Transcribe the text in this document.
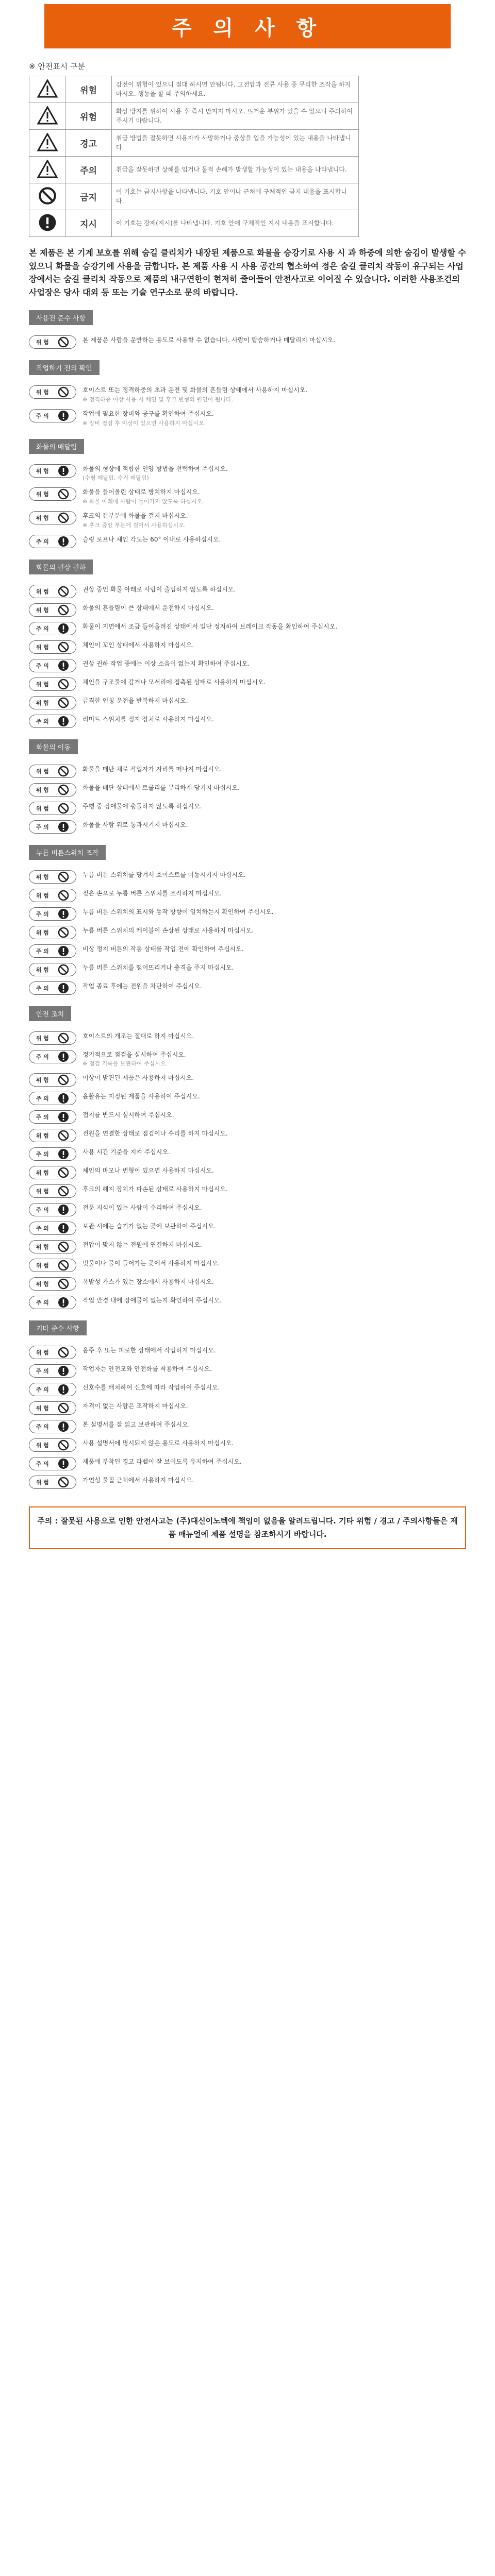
주 의 사 항
※ 안전표시 구분
	위험	감전이 위험이 있으니 절대 하시면 안됩니다. 고전압과 전류 사용 중 무리한 조작을 하지 마시오. 행동을 할 때 주의하세요.
	위험	화상 방지를 위하여 사용 후 즉시 만지지 마시오. 뜨거운 부위가 있을 수 있으니 주의하여 주시기 바랍니다.
	경고	취급 방법을 잘못하면 사용자가 사망하거나 중상을 입을 가능성이 있는 내용을 나타냅니다.
	주의	취급을 잘못하면 상해를 입거나 물적 손해가 발생할 가능성이 있는 내용을 나타냅니다.
	금지	이 기호는 금지사항을 나타냅니다. 기호 안이나 근처에 구체적인 금지 내용을 표시합니다.
	지시	이 기호는 강제(지시)를 나타냅니다. 기호 안에 구체적인 지시 내용을 표시합니다.
본 제품은 본 기계 보호를 위해 숨길 클리치가 내장된 제품으로 화물을 승강기로 사용 시 과 하중에 의한 숨김이 발생할 수 있으니 화물을 승강기에 사용을 금합니다. 본 제품 사용 시 사용 공간의 협소하여 정은 숨길 클리치 작동이 유구되는 사업장에서는 숨길 클리치 작동으로 제품의 내구연한이 현저히 줄어들어 안전사고로 이어질 수 있습니다. 이러한 사용조건의 사업장은 당사 대외 등 또는 기술 연구소로 문의 바랍니다.
사용전 준수 사항
위 험	본 제품은 사람을 운반하는 용도로 사용할 수 없습니다. 사람이 탑승하거나 매달리지 마십시오.
작업하기 전의 확인
위 험	호이스트 또는 정격하중의 초과 운전 및 화물의 흔들림 상태에서 사용하지 마십시오.
※ 정격하중 이상 사용 시 체인 및 후크 변형의 원인이 됩니다.
주 의	작업에 필요한 장비와 공구를 확인하여 주십시오.
※ 장비 점검 후 이상이 있으면 사용하지 마십시오.
화물의 매달림
위 험	화물의 형상에 적합한 인양 방법을 선택하여 주십시오.
(수평 매달림, 수직 매달림)
위 험	화물을 들어올린 상태로 방치하지 마십시오.
※ 화물 아래에 사람이 들어가지 않도록 하십시오.
위 험	후크의 끝부분에 화물을 걸지 마십시오.
※ 후크 중앙 부분에 걸어서 사용하십시오.
주 의	슬링 로프나 체인 각도는 60° 이내로 사용하십시오.
화물의 권상 권하
위 험	권상 중인 화물 아래로 사람이 출입하지 않도록 하십시오.
위 험	화물의 흔들림이 큰 상태에서 운전하지 마십시오.
주 의	화물이 지면에서 조금 들어올려진 상태에서 일단 정지하여 브레이크 작동을 확인하여 주십시오.
위 험	체인이 꼬인 상태에서 사용하지 마십시오.
주 의	권상 권하 작업 중에는 이상 소음이 없는지 확인하여 주십시오.
위 험	체인을 구조물에 감거나 모서리에 접촉된 상태로 사용하지 마십시오.
위 험	급격한 인칭 운전을 반복하지 마십시오.
주 의	리미트 스위치를 정지 장치로 사용하지 마십시오.
화물의 이동
위 험	화물을 매단 채로 작업자가 자리를 떠나지 마십시오.
위 험	화물을 매단 상태에서 트롤리를 무리하게 당기지 마십시오.
위 험	주행 중 장애물에 충돌하지 않도록 하십시오.
주 의	화물을 사람 위로 통과시키지 마십시오.
누름 버튼스위치 조작
위 험	누름 버튼 스위치를 당겨서 호이스트를 이동시키지 마십시오.
위 험	젖은 손으로 누름 버튼 스위치를 조작하지 마십시오.
주 의	누름 버튼 스위치의 표시와 동작 방향이 일치하는지 확인하여 주십시오.
위 험	누름 버튼 스위치의 케이블이 손상된 상태로 사용하지 마십시오.
주 의	비상 정지 버튼의 작동 상태를 작업 전에 확인하여 주십시오.
위 험	누름 버튼 스위치를 떨어뜨리거나 충격을 주지 마십시오.
주 의	작업 종료 후에는 전원을 차단하여 주십시오.
안전 조치
위 험	호이스트의 개조는 절대로 하지 마십시오.
주 의	정기적으로 점검을 실시하여 주십시오.
※ 점검 기록을 보관하여 주십시오.
위 험	이상이 발견된 제품은 사용하지 마십시오.
주 의	윤활유는 지정된 제품을 사용하여 주십시오.
주 의	접지를 반드시 실시하여 주십시오.
위 험	전원을 연결한 상태로 점검이나 수리를 하지 마십시오.
주 의	사용 시간 기준을 지켜 주십시오.
위 험	체인의 마모나 변형이 있으면 사용하지 마십시오.
위 험	후크의 해지 장치가 파손된 상태로 사용하지 마십시오.
주 의	전문 지식이 있는 사람이 수리하여 주십시오.
주 의	보관 시에는 습기가 없는 곳에 보관하여 주십시오.
위 험	전압이 맞지 않는 전원에 연결하지 마십시오.
위 험	빗물이나 물이 들어가는 곳에서 사용하지 마십시오.
위 험	폭발성 가스가 있는 장소에서 사용하지 마십시오.
주 의	작업 반경 내에 장애물이 없는지 확인하여 주십시오.
기타 준수 사항
위 험	음주 후 또는 피로한 상태에서 작업하지 마십시오.
주 의	작업자는 안전모와 안전화를 착용하여 주십시오.
주 의	신호수를 배치하여 신호에 따라 작업하여 주십시오.
위 험	자격이 없는 사람은 조작하지 마십시오.
주 의	본 설명서를 잘 읽고 보관하여 주십시오.
위 험	사용 설명서에 명시되지 않은 용도로 사용하지 마십시오.
주 의	제품에 부착된 경고 라벨이 잘 보이도록 유지하여 주십시오.
위 험	가연성 물질 근처에서 사용하지 마십시오.
주의 : 잘못된 사용으로 인한 안전사고는 (주)대신이노텍에 책임이 없음을 알려드립니다. 기타 위험 / 경고 / 주의사항들은 제품 매뉴얼에 제품 설명을 참조하시기 바랍니다.
